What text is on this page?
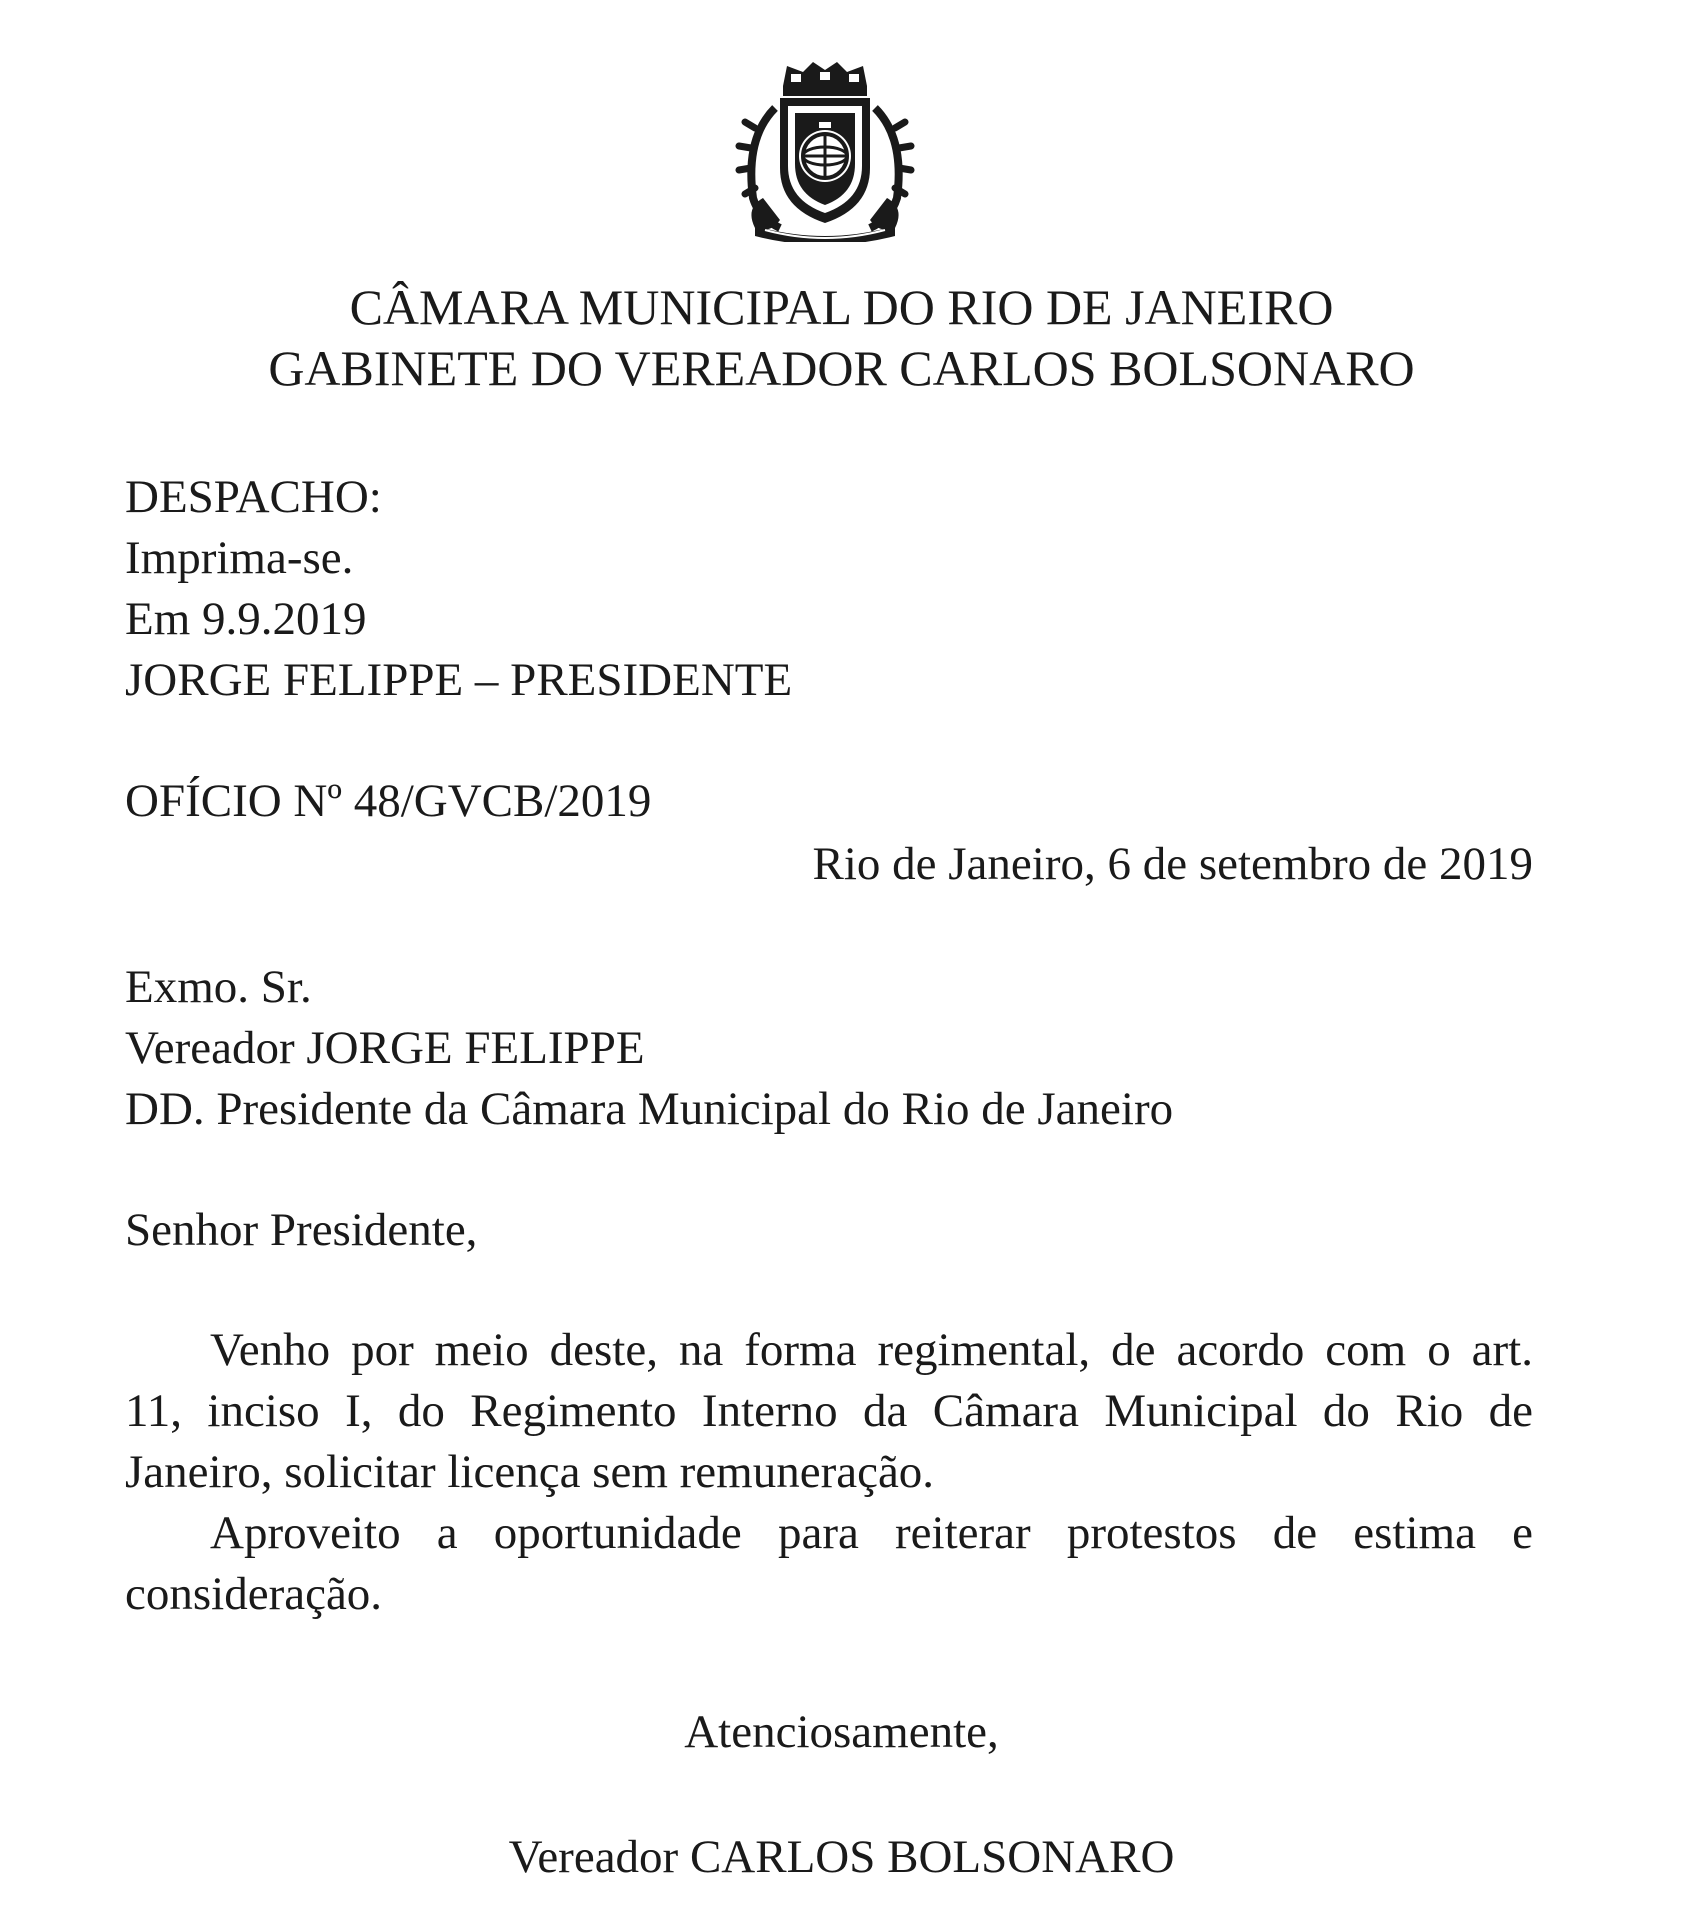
CÂMARA MUNICIPAL DO RIO DE JANEIRO
GABINETE DO VEREADOR CARLOS BOLSONARO
DESPACHO:
Imprima-se.
Em 9.9.2019
JORGE FELIPPE – PRESIDENTE
OFÍCIO Nº 48/GVCB/2019
Rio de Janeiro, 6 de setembro de 2019
Exmo. Sr.
Vereador JORGE FELIPPE
DD. Presidente da Câmara Municipal do Rio de Janeiro
Senhor Presidente,
Venho por meio deste, na forma regimental, de acordo com o art.
11, inciso I, do Regimento Interno da Câmara Municipal do Rio de
Janeiro, solicitar licença sem remuneração.
Aproveito a oportunidade para reiterar protestos de estima e
consideração.
Atenciosamente,
Vereador CARLOS BOLSONARO
